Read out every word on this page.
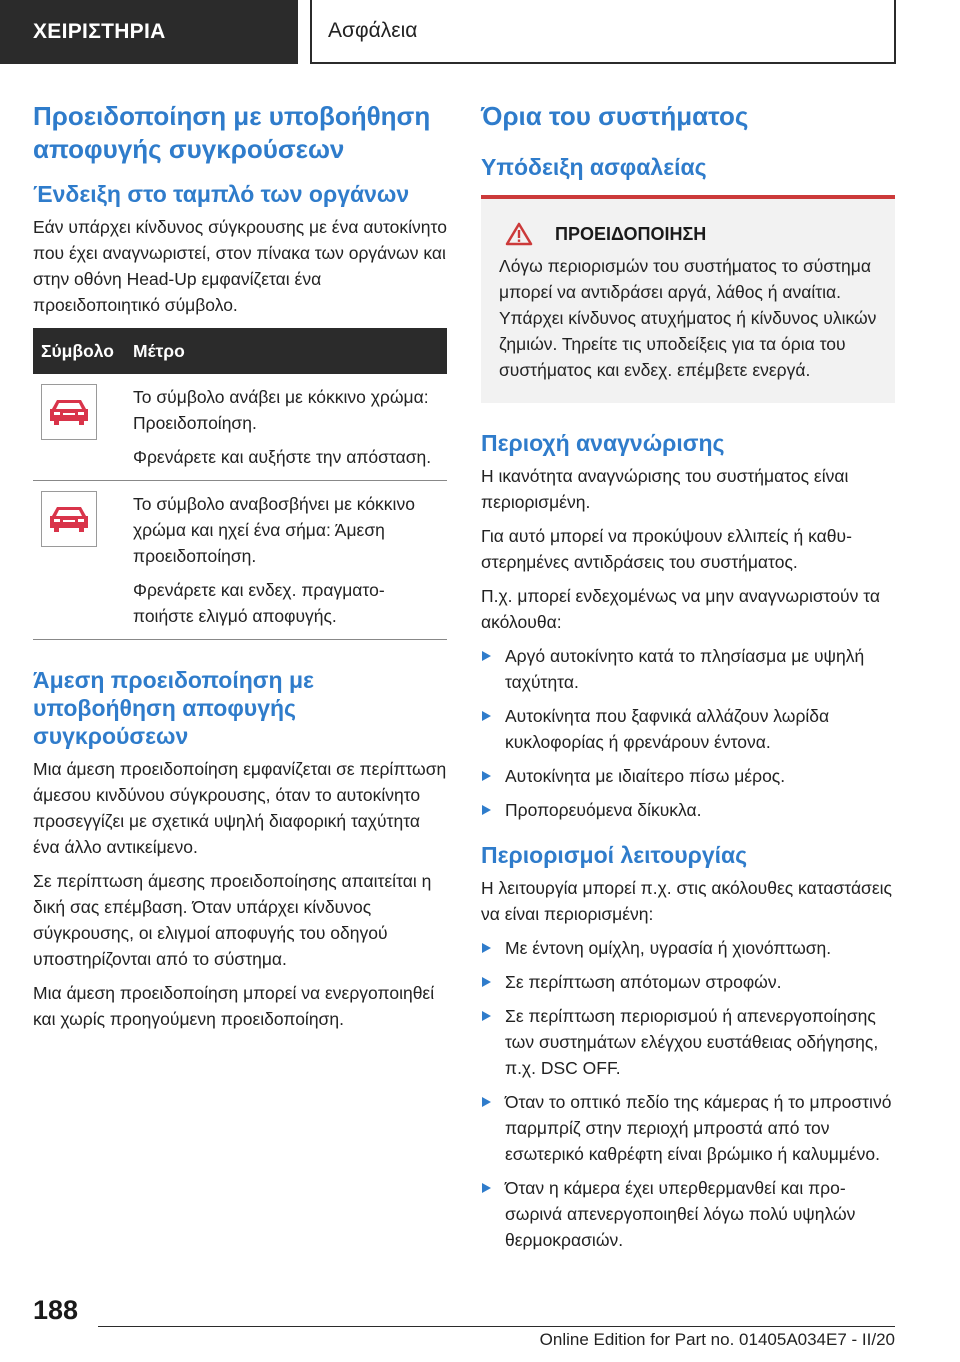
ΧΕΙΡΙΣΤΗΡΙΑ	Ασφάλεια
Προειδοποίηση με υποβοήθηση αποφυγής συγκρούσεων
Ένδειξη στο ταμπλό των οργάνων

Εάν υπάρχει κίνδυνος σύγκρουσης με ένα αυτοκίνητο που έχει αναγνωριστεί, στον πίνακα των οργάνων και στην οθόνη Head-Up εμφανίζεται ένα προειδοποιητικό σύμβολο.

Σύμβολο	Μέτρο

Το σύμβολο ανάβει με κόκκινο χρώμα: Προειδοποίηση.

Φρενάρετε και αυξήστε την απόσταση.

Το σύμβολο αναβοσβήνει με κόκκινο χρώμα και ηχεί ένα σήμα: Άμεση προειδοποίηση.

Φρενάρετε και ενδεχ. πραγματοποιήστε ελιγμό αποφυγής.

Άμεση προειδοποίηση με υποβοήθηση αποφυγής συγκρούσεων

Μια άμεση προειδοποίηση εμφανίζεται σε περίπτωση άμεσου κινδύνου σύγκρουσης, όταν το αυτοκίνητο προσεγγίζει με σχετικά υψηλή διαφορική ταχύτητα ένα άλλο αντικείμενο.

Σε περίπτωση άμεσης προειδοποίησης απαιτείται η δική σας επέμβαση. Όταν υπάρχει κίνδυνος σύγκρουσης, οι ελιγμοί αποφυγής του οδηγού υποστηρίζονται από το σύστημα.

Μια άμεση προειδοποίηση μπορεί να ενεργοποιηθεί και χωρίς προηγούμενη προειδοποίηση.

Όρια του συστήματος
Υπόδειξη ασφαλείας
ΠΡΟΕΙΔΟΠΟΙΗΣΗ

Λόγω περιορισμών του συστήματος το σύστημα μπορεί να αντιδράσει αργά, λάθος ή αναίτια. Υπάρχει κίνδυνος ατυχήματος ή κίνδυνος υλικών ζημιών. Τηρείτε τις υποδείξεις για τα όρια του συστήματος και ενδεχ. επέμβετε ενεργά.

Περιοχή αναγνώρισης

Η ικανότητα αναγνώρισης του συστήματος είναι περιορισμένη.

Για αυτό μπορεί να προκύψουν ελλιπείς ή καθυστερημένες αντιδράσεις του συστήματος.

Π.χ. μπορεί ενδεχομένως να μην αναγνωριστούν τα ακόλουθα:

Αργό αυτοκίνητο κατά το πλησίασμα με υψηλή ταχύτητα.
Αυτοκίνητα που ξαφνικά αλλάζουν λωρίδα κυκλοφορίας ή φρενάρουν έντονα.
Αυτοκίνητα με ιδιαίτερο πίσω μέρος.
Προπορευόμενα δίκυκλα.
Περιορισμοί λειτουργίας

Η λειτουργία μπορεί π.χ. στις ακόλουθες καταστάσεις να είναι περιορισμένη:

Με έντονη ομίχλη, υγρασία ή χιονόπτωση.
Σε περίπτωση απότομων στροφών.
Σε περίπτωση περιορισμού ή απενεργοποίησης των συστημάτων ελέγχου ευστάθειας οδήγησης, π.χ. DSC OFF.
Όταν το οπτικό πεδίο της κάμερας ή το μπροστινό παρμπρίζ στην περιοχή μπροστά από τον εσωτερικό καθρέφτη είναι βρώμικο ή καλυμμένο.
Όταν η κάμερα έχει υπερθερμανθεί και προσωρινά απενεργοποιηθεί λόγω πολύ υψηλών θερμοκρασιών.
188
Online Edition for Part no. 01405A034E7 - II/20
